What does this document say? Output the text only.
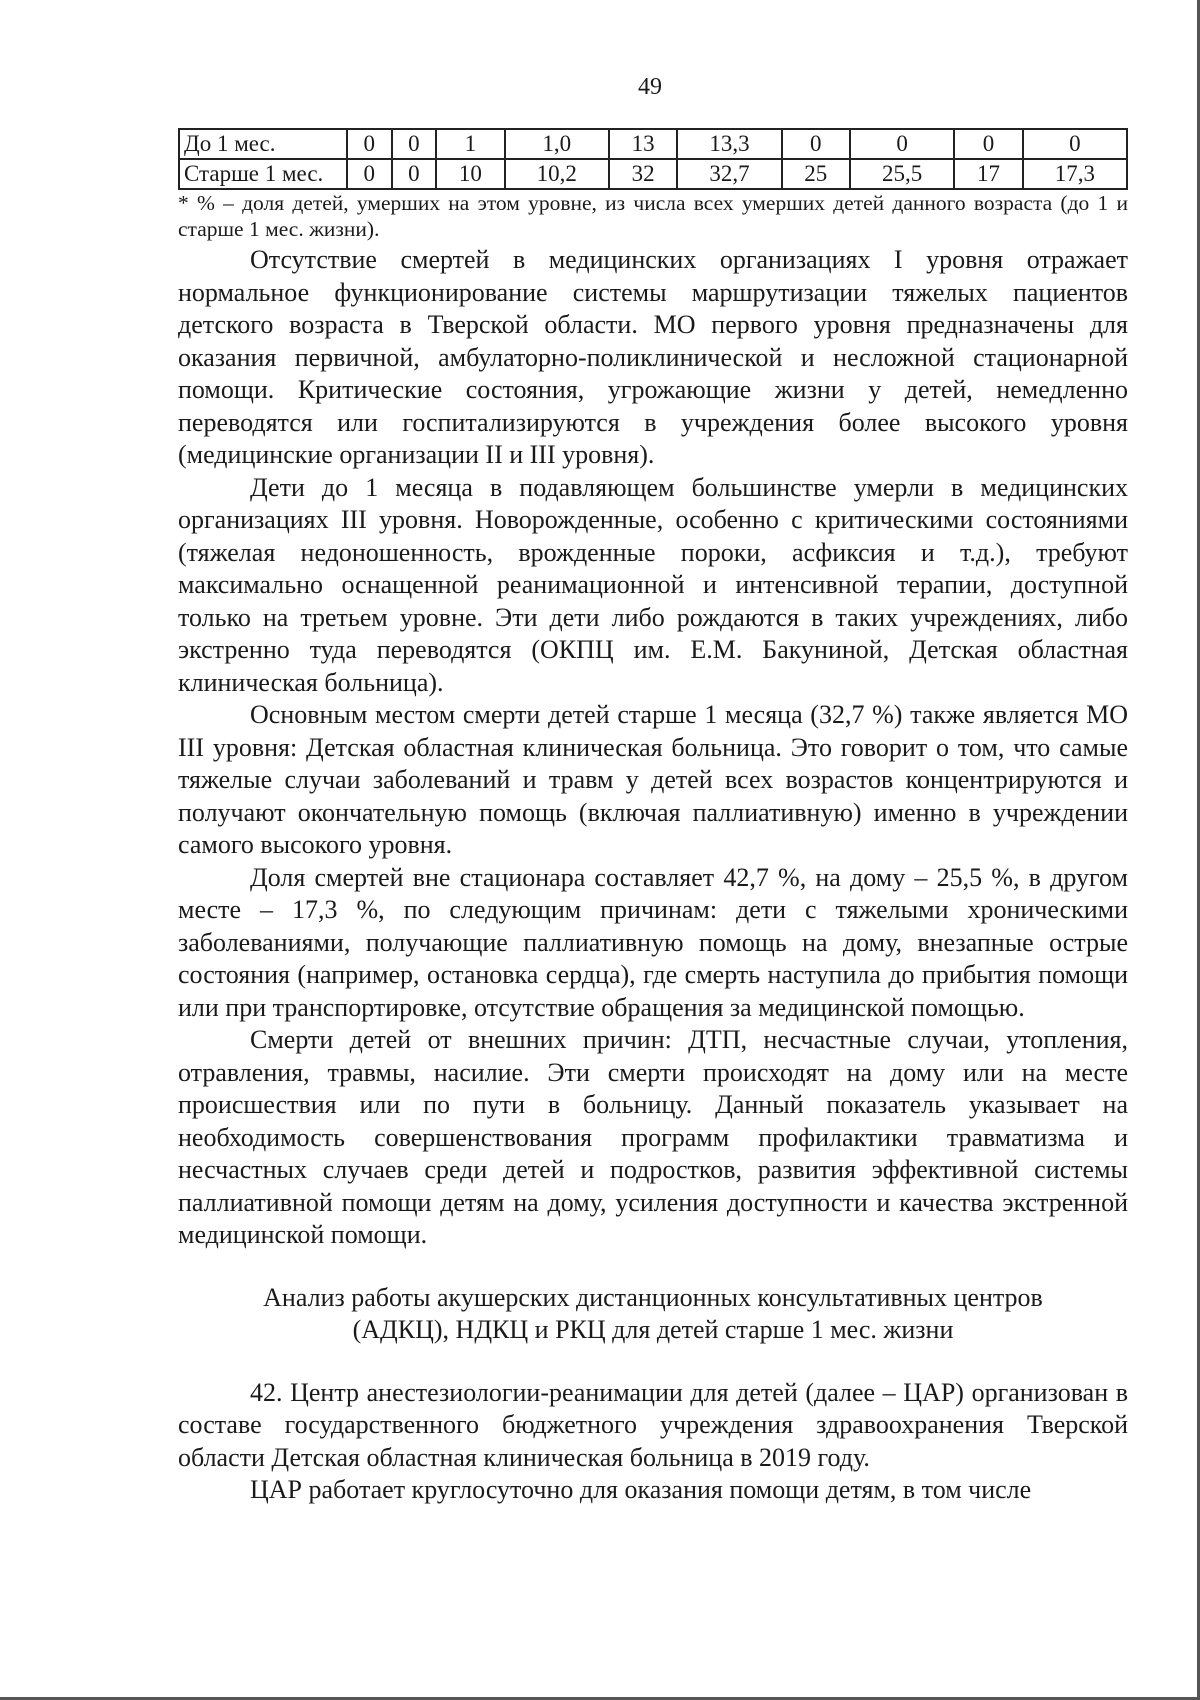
49
До 1 мес.	0	0	1	1,0	13	13,3	0	0	0	0
Старше 1 мес.	0	0	10	10,2	32	32,7	25	25,5	17	17,3
* % – доля детей, умерших на этом уровне, из числа всех умерших детей данного возраста (до 1 и старше 1 мес. жизни).

Отсутствие смертей в медицинских организациях I уровня отражает нормальное функционирование системы маршрутизации тяжелых пациентов детского возраста в Тверской области. МО первого уровня предназначены для оказания первичной, амбулаторно-поликлинической и несложной стационарной помощи. Критические состояния, угрожающие жизни у детей, немедленно переводятся или госпитализируются в учреждения более высокого уровня (медицинские организации II и III уровня).

Дети до 1 месяца в подавляющем большинстве умерли в медицинских организациях III уровня. Новорожденные, особенно с критическими состояниями (тяжелая недоношенность, врожденные пороки, асфиксия и т.д.), требуют максимально оснащенной реанимационной и интенсивной терапии, доступной только на третьем уровне. Эти дети либо рождаются в таких учреждениях, либо экстренно туда переводятся (ОКПЦ им. Е.М. Бакуниной, Детская областная клиническая больница).

Основным местом смерти детей старше 1 месяца (32,7 %) также является МО III уровня: Детская областная клиническая больница. Это говорит о том, что самые тяжелые случаи заболеваний и травм у детей всех возрастов концентрируются и получают окончательную помощь (включая паллиативную) именно в учреждении самого высокого уровня.

Доля смертей вне стационара составляет 42,7 %, на дому – 25,5 %, в другом месте – 17,3 %, по следующим причинам: дети с тяжелыми хроническими заболеваниями, получающие паллиативную помощь на дому, внезапные острые состояния (например, остановка сердца), где смерть наступила до прибытия помощи или при транспортировке, отсутствие обращения за медицинской помощью.

Смерти детей от внешних причин: ДТП, несчастные случаи, утопления, отравления, травмы, насилие. Эти смерти происходят на дому или на месте происшествия или по пути в больницу. Данный показатель указывает на необходимость совершенствования программ профилактики травматизма и несчастных случаев среди детей и подростков, развития эффективной системы паллиативной помощи детям на дому, усиления доступности и качества экстренной медицинской помощи.

Анализ работы акушерских дистанционных консультативных центров
(АДКЦ), НДКЦ и РКЦ для детей старше 1 мес. жизни

42. Центр анестезиологии-реанимации для детей (далее – ЦАР) организован в составе государственного бюджетного учреждения здравоохранения Тверской области Детская областная клиническая больница в 2019 году.

ЦАР работает круглосуточно для оказания помощи детям, в том числе
